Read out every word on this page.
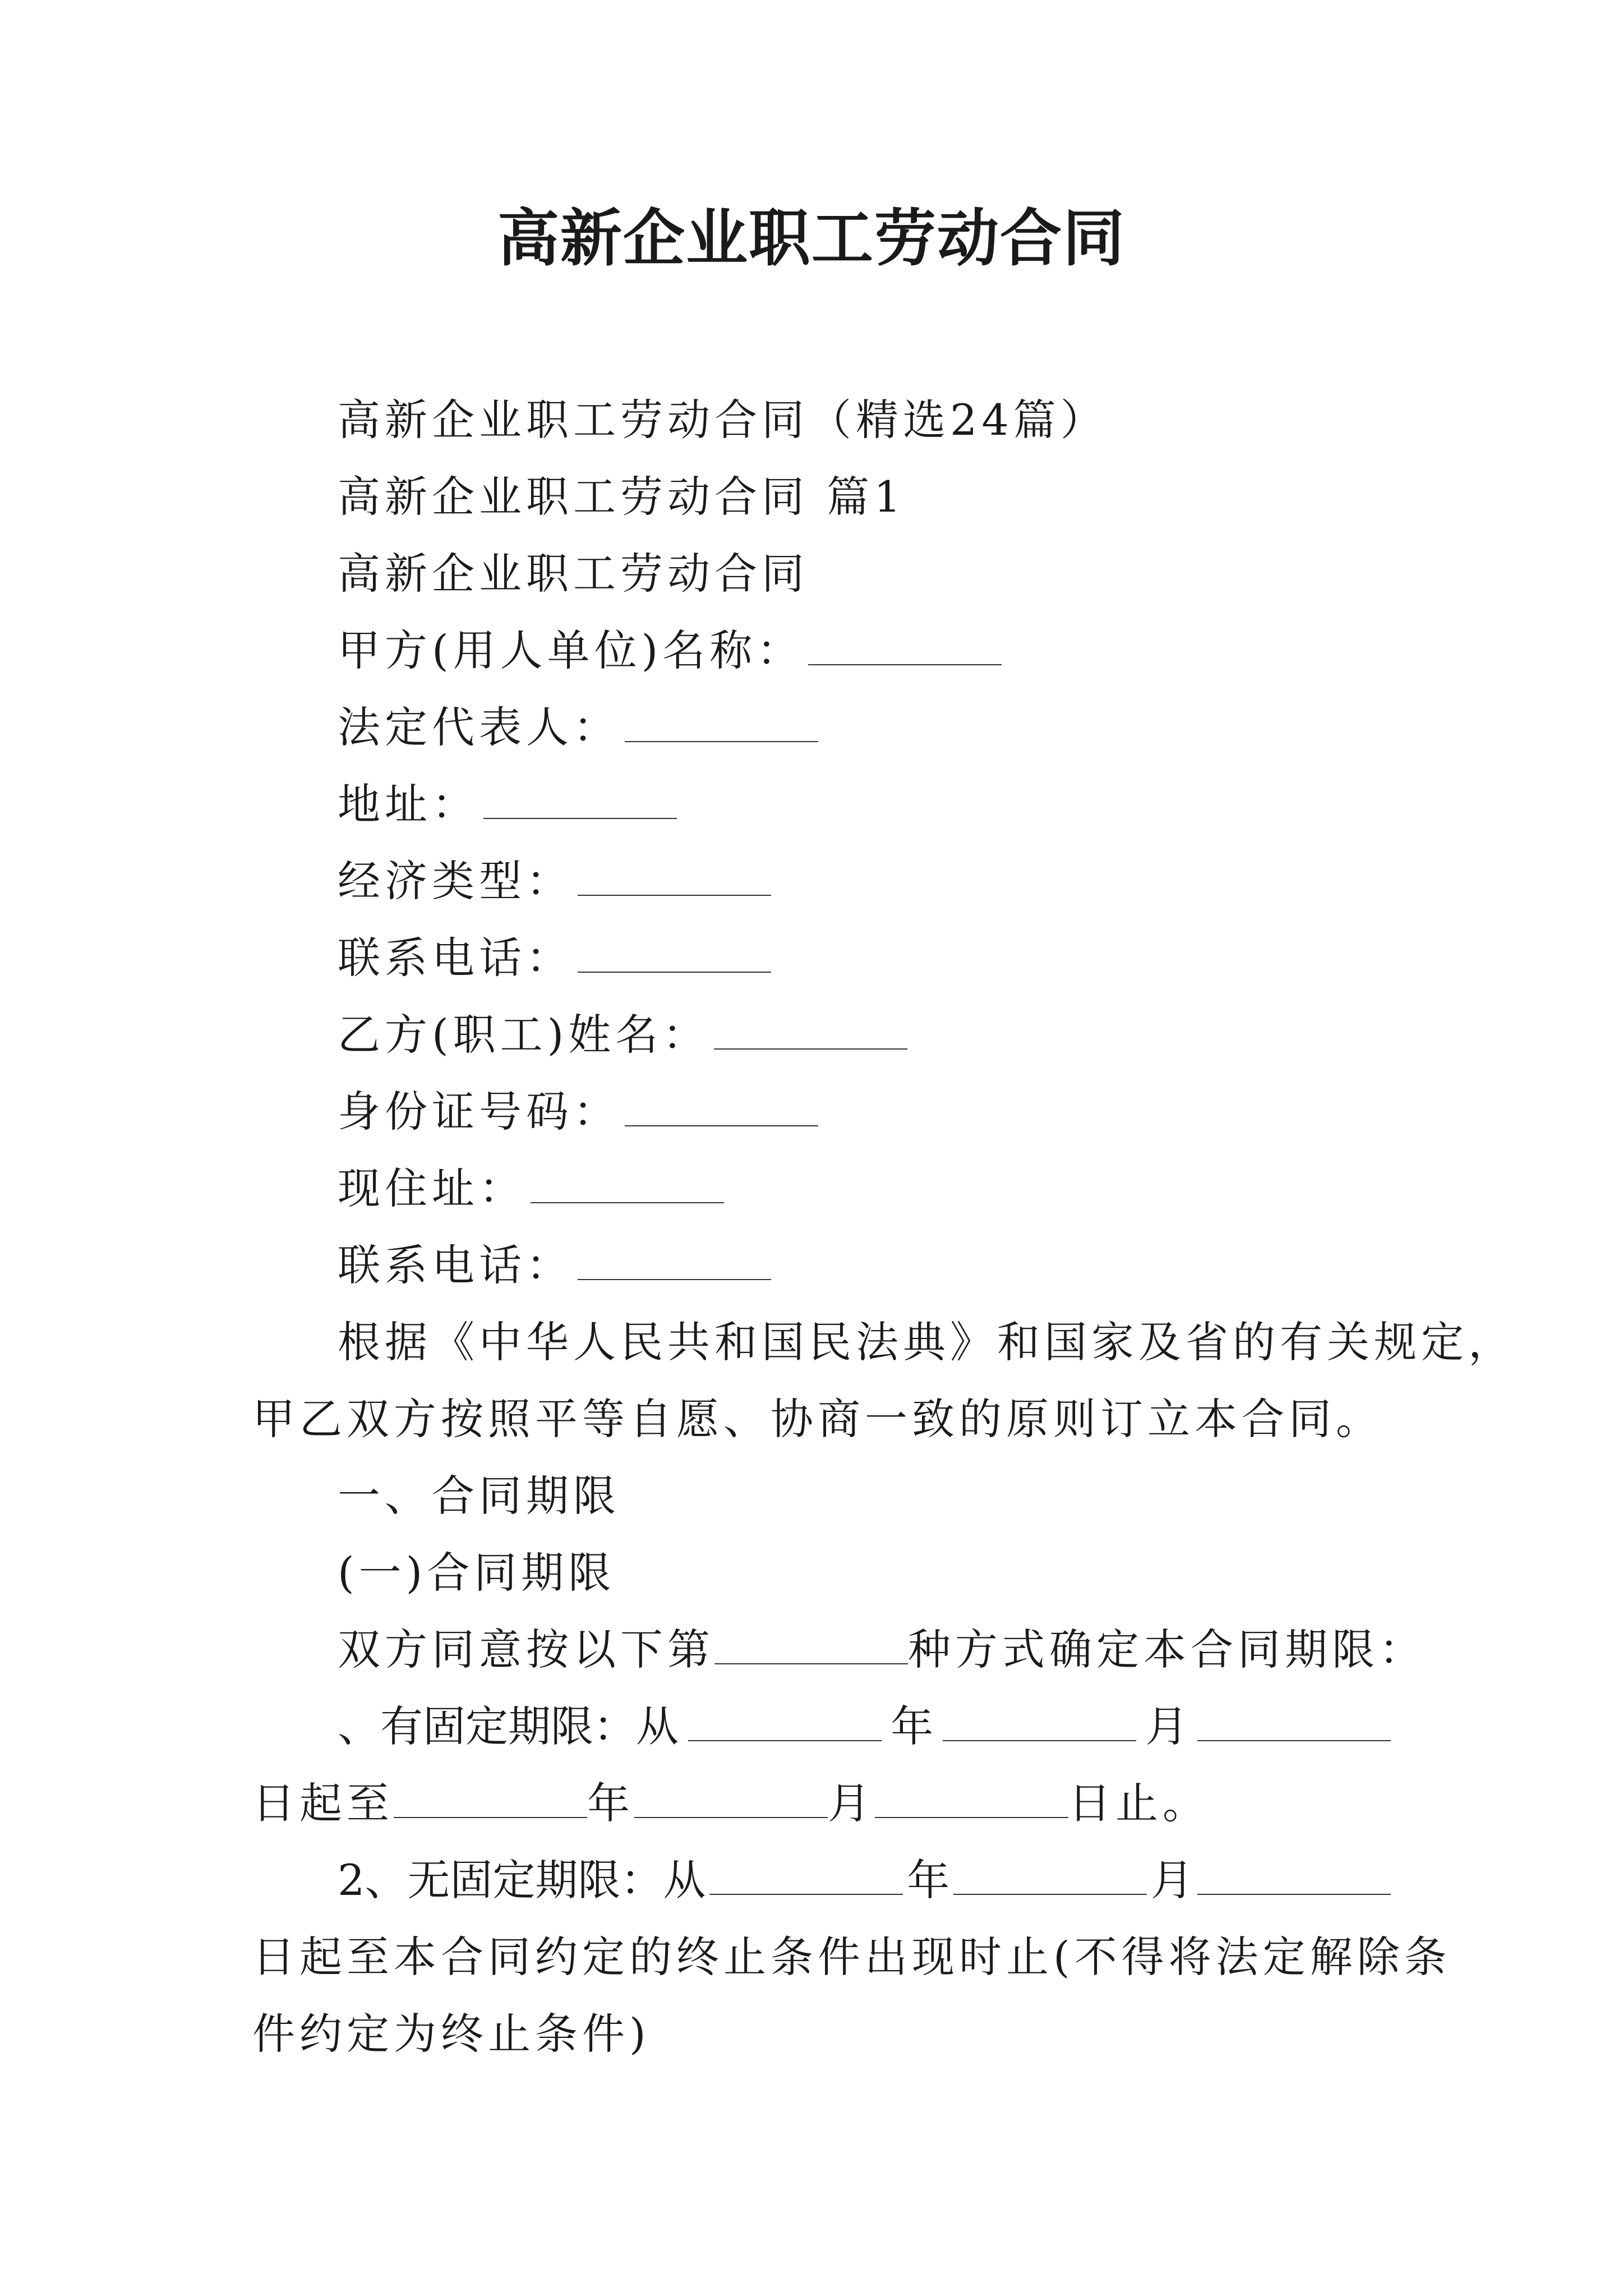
高新企业职工劳动合同
高新企业职工劳动合同（精选24篇）
高新企业职工劳动合同 篇1
高新企业职工劳动合同
甲方(用人单位)名称：
法定代表人：
地址：
经济类型：
联系电话：
乙方(职工)姓名：
身份证号码：
现住址：
联系电话：
根据《中华人民共和国民法典》和国家及省的有关规定，
甲乙双方按照平等自愿、协商一致的原则订立本合同。
一、合同期限
(一)合同期限
双方同意按以下第	种方式确定本合同期限：
、有固定期限：从	年	月
日起至	年	月	日止。
2、无固定期限：从	年	月
日起至本合同约定的终止条件出现时止(不得将法定解除条
件约定为终止条件)
